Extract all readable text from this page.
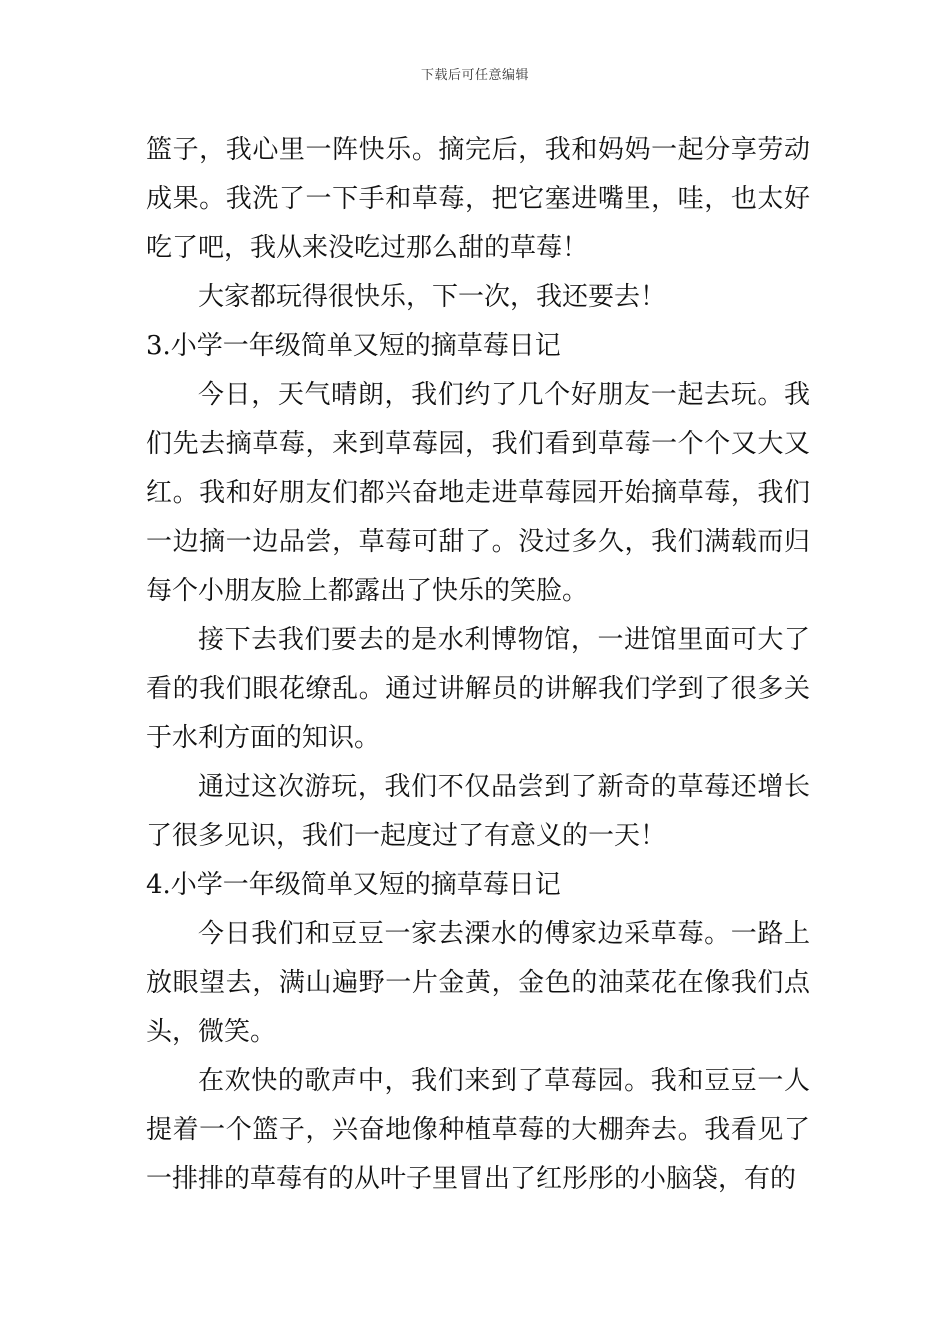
下载后可任意编辑

篮子，我心里一阵快乐。摘完后，我和妈妈一起分享劳动成果。我洗了一下手和草莓，把它塞进嘴里，哇，也太好吃了吧，我从来没吃过那么甜的草莓！

大家都玩得很快乐，下一次，我还要去！

3.小学一年级简单又短的摘草莓日记

今日，天气晴朗，我们约了几个好朋友一起去玩。我们先去摘草莓，来到草莓园，我们看到草莓一个个又大又红。我和好朋友们都兴奋地走进草莓园开始摘草莓，我们一边摘一边品尝，草莓可甜了。没过多久，我们满载而归每个小朋友脸上都露出了快乐的笑脸。

接下去我们要去的是水利博物馆，一进馆里面可大了看的我们眼花缭乱。通过讲解员的讲解我们学到了很多关于水利方面的知识。

通过这次游玩，我们不仅品尝到了新奇的草莓还增长了很多见识，我们一起度过了有意义的一天！

4.小学一年级简单又短的摘草莓日记

今日我们和豆豆一家去溧水的傅家边采草莓。一路上放眼望去，满山遍野一片金黄，金色的油菜花在像我们点头，微笑。

在欢快的歌声中，我们来到了草莓园。我和豆豆一人提着一个篮子，兴奋地像种植草莓的大棚奔去。我看见了一排排的草莓有的从叶子里冒出了红彤彤的小脑袋，有的
